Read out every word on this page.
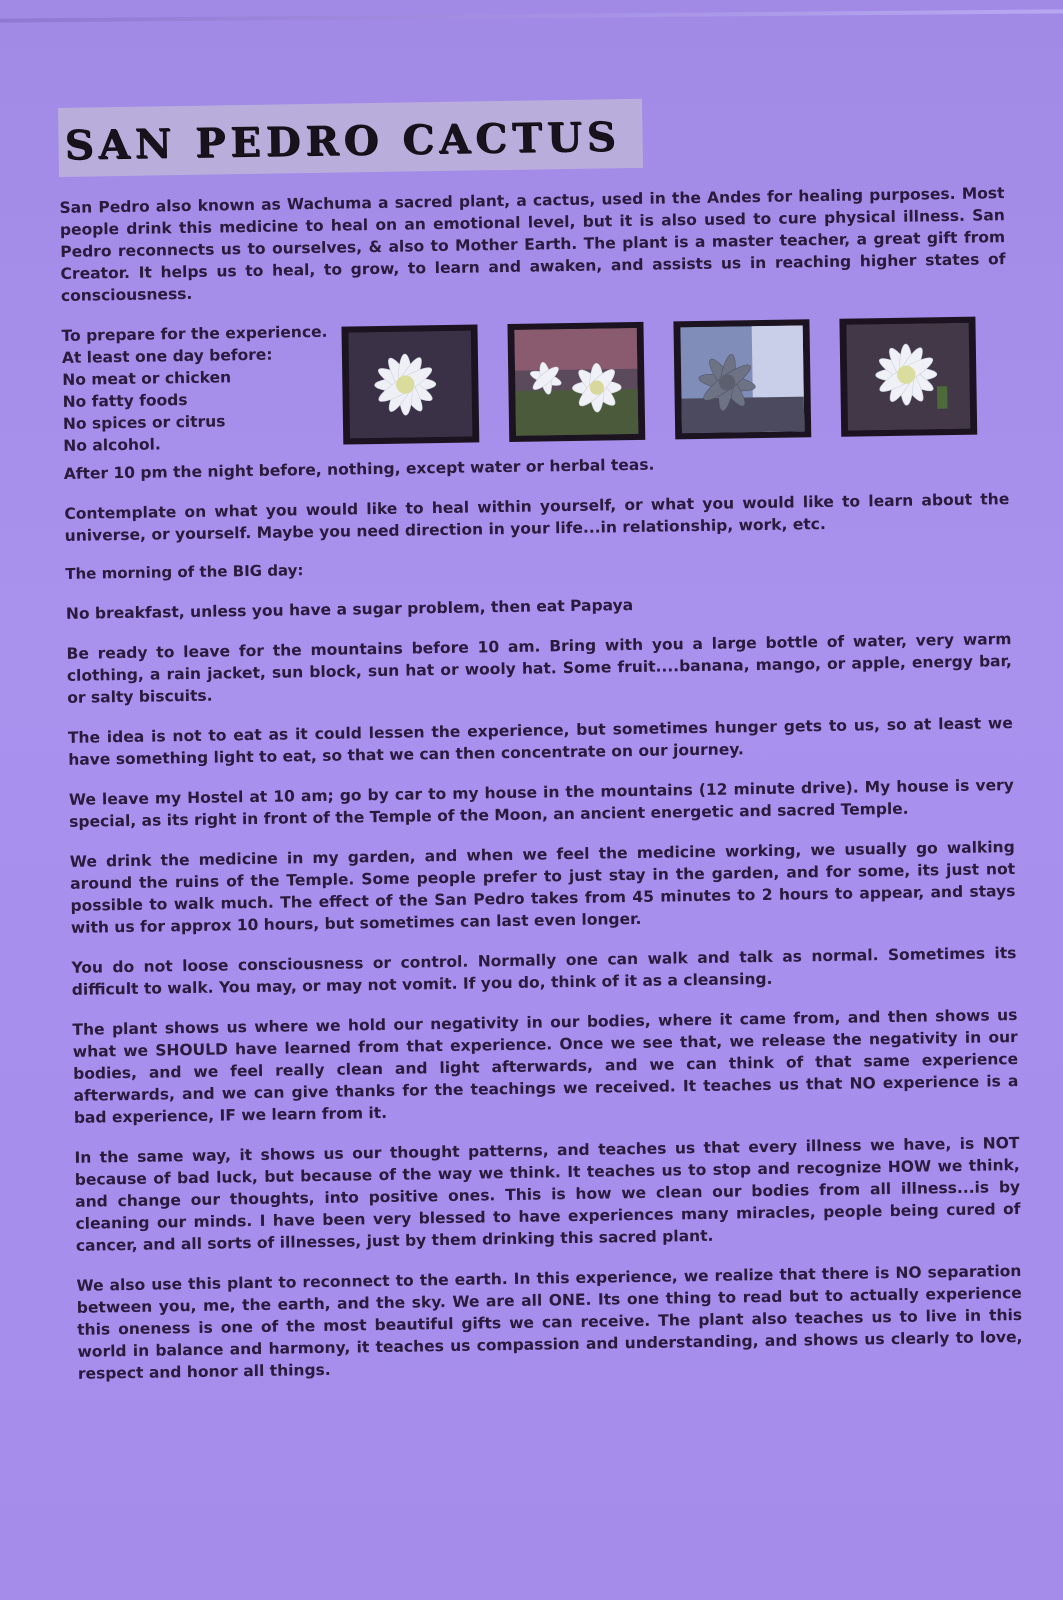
SAN PEDRO CACTUS

San Pedro also known as Wachuma a sacred plant, a cactus, used in the Andes for healing purposes. Most people drink this medicine to heal on an emotional level, but it is also used to cure physical illness. San Pedro reconnects us to ourselves, & also to Mother Earth. The plant is a master teacher, a great gift from Creator. It helps us to heal, to grow, to learn and awaken, and assists us in reaching higher states of consciousness.

To prepare for the experience.
At least one day before:
No meat or chicken
No fatty foods
No spices or citrus
No alcohol.

After 10 pm the night before, nothing, except water or herbal teas.

Contemplate on what you would like to heal within yourself, or what you would like to learn about the universe, or yourself. Maybe you need direction in your life...in relationship, work, etc.

The morning of the BIG day:

No breakfast, unless you have a sugar problem, then eat Papaya

Be ready to leave for the mountains before 10 am. Bring with you a large bottle of water, very warm clothing, a rain jacket, sun block, sun hat or wooly hat. Some fruit....banana, mango, or apple, energy bar, or salty biscuits.

The idea is not to eat as it could lessen the experience, but sometimes hunger gets to us, so at least we have something light to eat, so that we can then concentrate on our journey.

We leave my Hostel at 10 am; go by car to my house in the mountains (12 minute drive). My house is very special, as its right in front of the Temple of the Moon, an ancient energetic and sacred Temple.

We drink the medicine in my garden, and when we feel the medicine working, we usually go walking around the ruins of the Temple. Some people prefer to just stay in the garden, and for some, its just not possible to walk much. The effect of the San Pedro takes from 45 minutes to 2 hours to appear, and stays with us for approx 10 hours, but sometimes can last even longer.

You do not loose consciousness or control. Normally one can walk and talk as normal. Sometimes its difficult to walk. You may, or may not vomit. If you do, think of it as a cleansing.

The plant shows us where we hold our negativity in our bodies, where it came from, and then shows us what we SHOULD have learned from that experience. Once we see that, we release the negativity in our bodies, and we feel really clean and light afterwards, and we can think of that same experience afterwards, and we can give thanks for the teachings we received. It teaches us that NO experience is a bad experience, IF we learn from it.

In the same way, it shows us our thought patterns, and teaches us that every illness we have, is NOT because of bad luck, but because of the way we think. It teaches us to stop and recognize HOW we think, and change our thoughts, into positive ones. This is how we clean our bodies from all illness...is by cleaning our minds. I have been very blessed to have experiences many miracles, people being cured of cancer, and all sorts of illnesses, just by them drinking this sacred plant.

We also use this plant to reconnect to the earth. In this experience, we realize that there is NO separation between you, me, the earth, and the sky. We are all ONE. Its one thing to read but to actually experience this oneness is one of the most beautiful gifts we can receive. The plant also teaches us to live in this world in balance and harmony, it teaches us compassion and understanding, and shows us clearly to love, respect and honor all things.
